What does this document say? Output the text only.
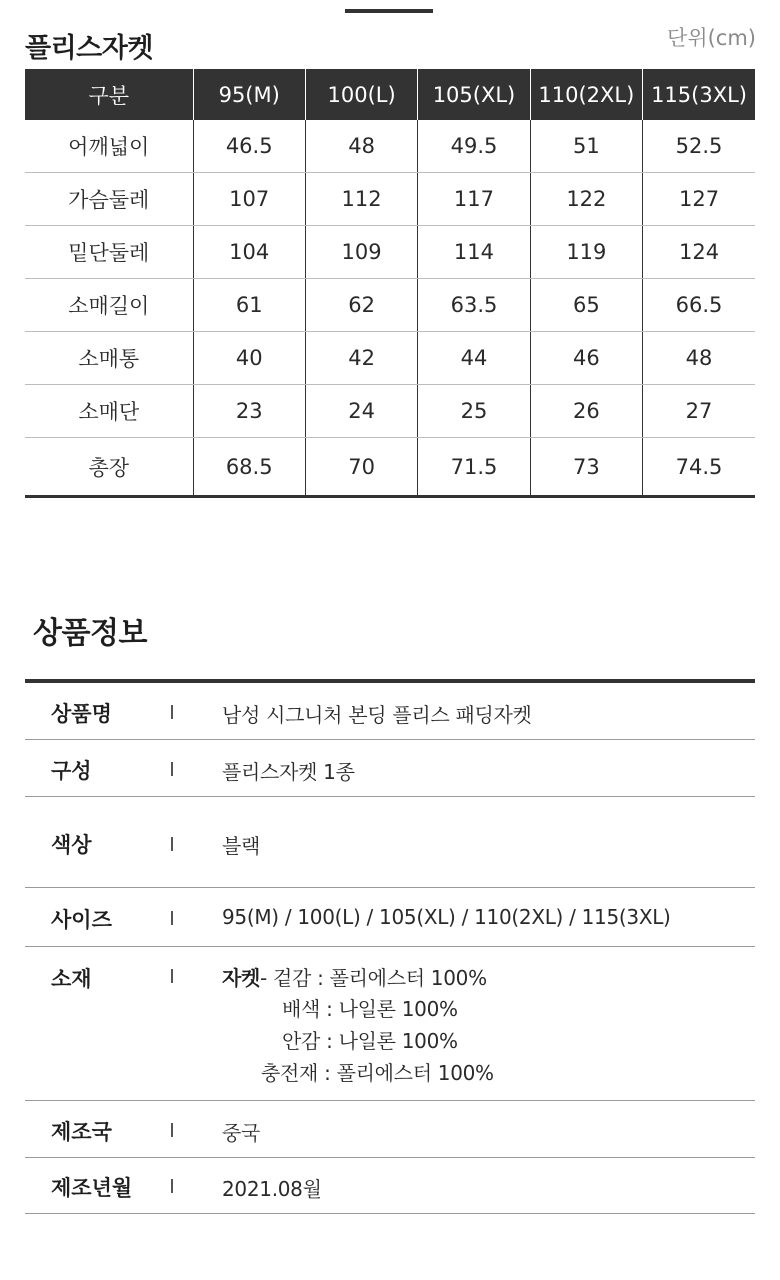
플리스자켓	단위(cm)
구분	95(M)	100(L)	105(XL)	110(2XL)	115(3XL)
어깨넓이	46.5	48	49.5	51	52.5
가슴둘레	107	112	117	122	127
밑단둘레	104	109	114	119	124
소매길이	61	62	63.5	65	66.5
소매통	40	42	44	46	48
소매단	23	24	25	26	27
총장	68.5	70	71.5	73	74.5
상품정보
상품명	남성 시그니처 본딩 플리스 패딩자켓
구성	플리스자켓 1종
색상	블랙
사이즈	95(M) / 100(L) / 105(XL) / 110(2XL) / 115(3XL)
소재	자켓- 겉감 : 폴리에스터 100%
배색 : 나일론 100%
안감 : 나일론 100%
충전재 : 폴리에스터 100%
제조국	중국
제조년월	2021.08월
